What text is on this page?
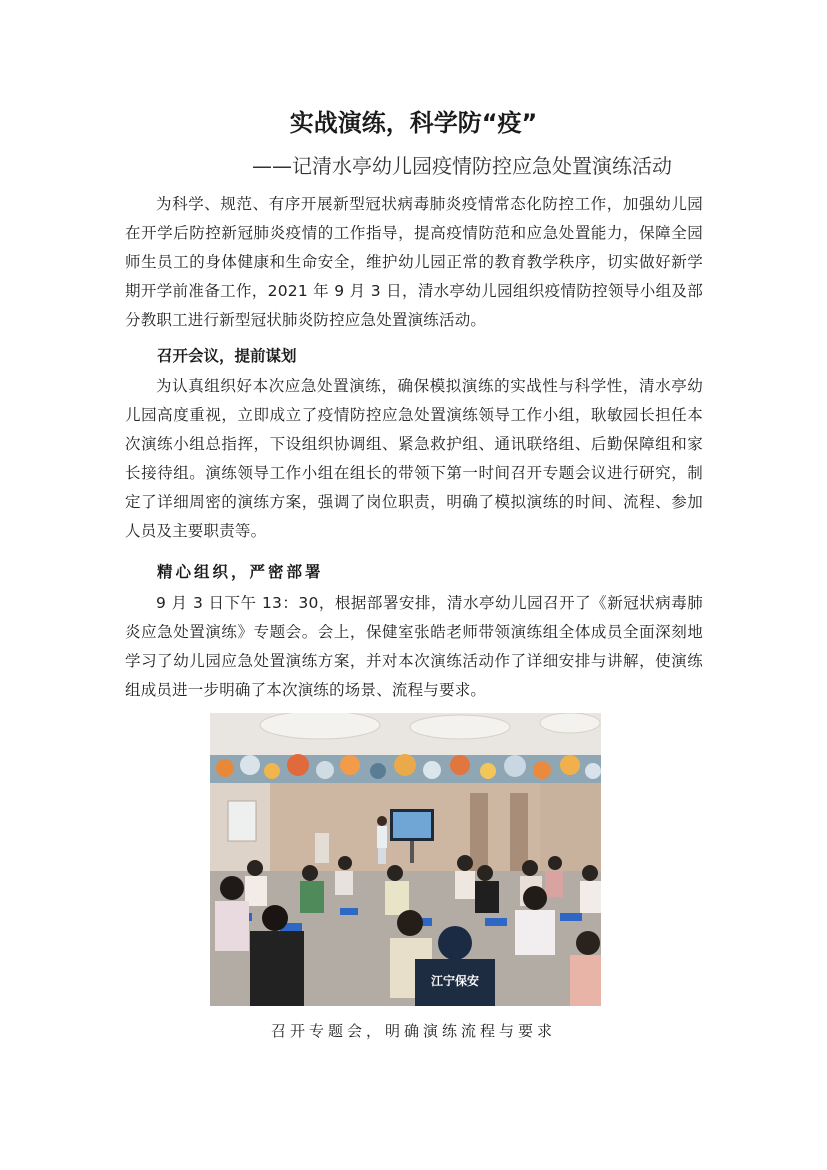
实战演练，科学防“疫”
——记清水亭幼儿园疫情防控应急处置演练活动
为科学、规范、有序开展新型冠状病毒肺炎疫情常态化防控工作，加强幼儿园在开学后防控新冠肺炎疫情的工作指导，提高疫情防范和应急处置能力，保障全园师生员工的身体健康和生命安全，维护幼儿园正常的教育教学秩序，切实做好新学期开学前准备工作，2021 年 9 月 3 日，清水亭幼儿园组织疫情防控领导小组及部分教职工进行新型冠状肺炎防控应急处置演练活动。
召开会议，提前谋划
为认真组织好本次应急处置演练，确保模拟演练的实战性与科学性，清水亭幼儿园高度重视，立即成立了疫情防控应急处置演练领导工作小组，耿敏园长担任本次演练小组总指挥，下设组织协调组、紧急救护组、通讯联络组、后勤保障组和家长接待组。演练领导工作小组在组长的带领下第一时间召开专题会议进行研究，制定了详细周密的演练方案，强调了岗位职责，明确了模拟演练的时间、流程、参加人员及主要职责等。
精心组织，严密部署
9 月 3 日下午 13：30，根据部署安排，清水亭幼儿园召开了《新冠状病毒肺炎应急处置演练》专题会。会上，保健室张皓老师带领演练组全体成员全面深刻地学习了幼儿园应急处置演练方案，并对本次演练活动作了详细安排与讲解，使演练组成员进一步明确了本次演练的场景、流程与要求。
江宁保安
召开专题会，明确演练流程与要求
